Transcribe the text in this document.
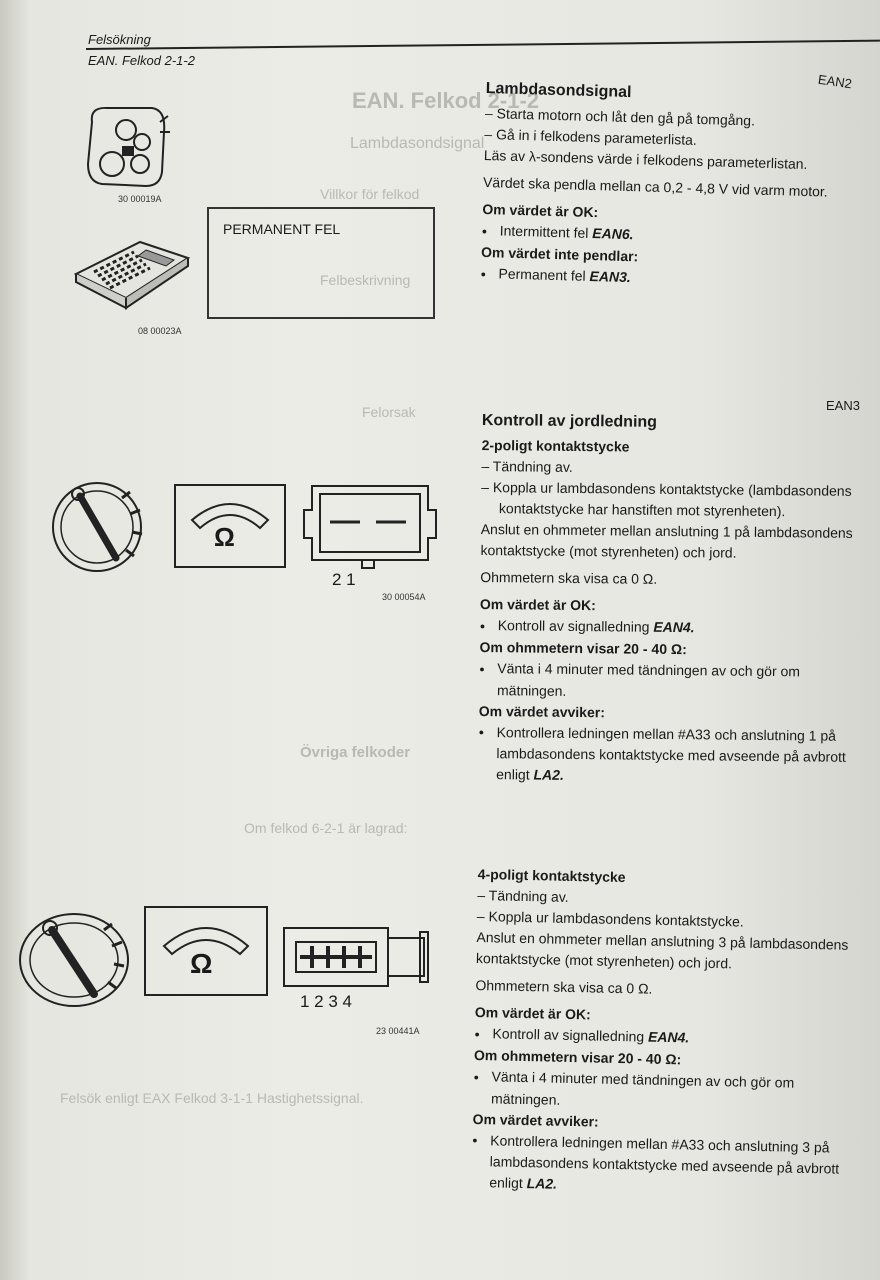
EAN. Felkod 2-1-2
Lambdasondsignal
Villkor för felkod
Felbeskrivning
Felorsak
Övriga felkoder
Om felkod 6-2-1 är lagrad:
Felsök enligt EAX Felkod 3-1-1 Hastighetssignal.
Felsökning
EAN. Felkod 2-1-2
EAN2
EAN3
30 00019A
08 00023A
PERMANENT FEL
Ω
2 1
30 00054A
Ω
1 2 3 4
23 00441A
Lambdasondsignal
– Starta motorn och låt den gå på tomgång.
– Gå in i felkodens parameterlista.
Läs av λ-sondens värde i felkodens parameterlistan.
Värdet ska pendla mellan ca 0,2 - 4,8 V vid varm motor.
Om värdet är OK:
● Intermittent fel EAN6.
Om värdet inte pendlar:
● Permanent fel EAN3.
Kontroll av jordledning
2-poligt kontaktstycke
– Tändning av.
– Koppla ur lambdasondens kontaktstycke (lambdasondens kontaktstycke har hanstiften mot styrenheten).
Anslut en ohmmeter mellan anslutning 1 på lambdasondens kontaktstycke (mot styrenheten) och jord.
Ohmmetern ska visa ca 0 Ω.
Om värdet är OK:
● Kontroll av signalledning EAN4.
Om ohmmetern visar 20 - 40 Ω:
● Vänta i 4 minuter med tändningen av och gör om mätningen.
Om värdet avviker:
● Kontrollera ledningen mellan #A33 och anslutning 1 på lambdasondens kontaktstycke med avseende på avbrott enligt LA2.
4-poligt kontaktstycke
– Tändning av.
– Koppla ur lambdasondens kontaktstycke.
Anslut en ohmmeter mellan anslutning 3 på lambdasondens kontaktstycke (mot styrenheten) och jord.
Ohmmetern ska visa ca 0 Ω.
Om värdet är OK:
● Kontroll av signalledning EAN4.
Om ohmmetern visar 20 - 40 Ω:
● Vänta i 4 minuter med tändningen av och gör om mätningen.
Om värdet avviker:
● Kontrollera ledningen mellan #A33 och anslutning 3 på lambdasondens kontaktstycke med avseende på avbrott enligt LA2.
